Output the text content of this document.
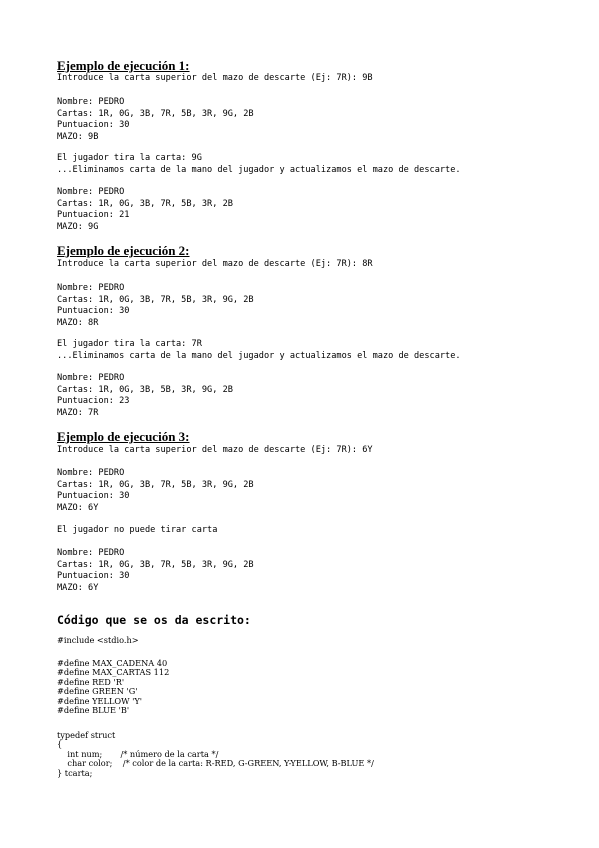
Ejemplo de ejecución 1:
Introduce la carta superior del mazo de descarte (Ej: 7R): 9B
Nombre: PEDRO
Cartas: 1R, 0G, 3B, 7R, 5B, 3R, 9G, 2B
Puntuacion: 30
MAZO: 9B
El jugador tira la carta: 9G
...Eliminamos carta de la mano del jugador y actualizamos el mazo de descarte.
Nombre: PEDRO
Cartas: 1R, 0G, 3B, 7R, 5B, 3R, 2B
Puntuacion: 21
MAZO: 9G
Ejemplo de ejecución 2:
Introduce la carta superior del mazo de descarte (Ej: 7R): 8R
Nombre: PEDRO
Cartas: 1R, 0G, 3B, 7R, 5B, 3R, 9G, 2B
Puntuacion: 30
MAZO: 8R
El jugador tira la carta: 7R
...Eliminamos carta de la mano del jugador y actualizamos el mazo de descarte.
Nombre: PEDRO
Cartas: 1R, 0G, 3B, 5B, 3R, 9G, 2B
Puntuacion: 23
MAZO: 7R
Ejemplo de ejecución 3:
Introduce la carta superior del mazo de descarte (Ej: 7R): 6Y
Nombre: PEDRO
Cartas: 1R, 0G, 3B, 7R, 5B, 3R, 9G, 2B
Puntuacion: 30
MAZO: 6Y
El jugador no puede tirar carta
Nombre: PEDRO
Cartas: 1R, 0G, 3B, 7R, 5B, 3R, 9G, 2B
Puntuacion: 30
MAZO: 6Y
Código que se os da escrito:
#include <stdio.h>
#define MAX_CADENA 40
#define MAX_CARTAS 112
#define RED 'R'
#define GREEN 'G'
#define YELLOW 'Y'
#define BLUE 'B'
typedef struct
{
int num;       /* número de la carta */
char color;    /* color de la carta: R-RED, G-GREEN, Y-YELLOW, B-BLUE */
} tcarta;
